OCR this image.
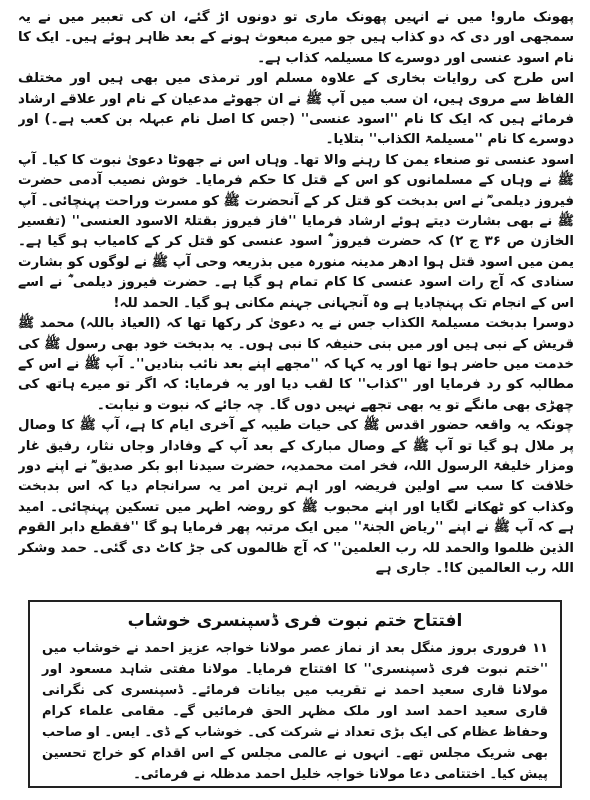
پھونک مارو! میں نے انہیں پھونک ماری تو دونوں اڑ گئے، ان کی تعبیر میں نے یہ سمجھی اور دی کہ دو کذاب ہیں جو میرے مبعوث ہونے کے بعد ظاہر ہوئے ہیں۔ ایک کا نام اسود عنسی اور دوسرے کا مسیلمہ کذاب ہے۔

اس طرح کی روایات بخاری کے علاوہ مسلم اور ترمذی میں بھی ہیں اور مختلف الفاظ سے مروی ہیں، ان سب میں آپ ﷺ نے ان جھوٹے مدعیان کے نام اور علاقے ارشاد فرمائے ہیں کہ ایک کا نام ''اسود عنسی'' (جس کا اصل نام عبہلہ بن کعب ہے۔) اور دوسرے کا نام ''مسیلمۃ الکذاب'' بتلایا۔

اسود عنسی تو صنعاء یمن کا رہنے والا تھا۔ وہاں اس نے جھوٹا دعویٰ نبوت کا کیا۔ آپ ﷺ نے وہاں کے مسلمانوں کو اس کے قتل کا حکم فرمایا۔ خوش نصیب آدمی حضرت فیروز دیلمی ؓ نے اس بدبخت کو قتل کر کے آنحضرت ﷺ کو مسرت وراحت پہنچائی۔ آپ ﷺ نے بھی بشارت دیتے ہوئے ارشاد فرمایا ''فاز فیروز بقتلۃ الاسود العنسی'' (تفسیر الخازن ص ۳۶ ج ۲) کہ حضرت فیروز ؓ اسود عنسی کو قتل کر کے کامیاب ہو گیا ہے۔ یمن میں اسود قتل ہوا ادھر مدینہ منورہ میں بذریعہ وحی آپ ﷺ نے لوگوں کو بشارت سنادی کہ آج رات اسود عنسی کا کام تمام ہو گیا ہے۔ حضرت فیروز دیلمی ؓ نے اسے اس کے انجام تک پہنچادیا ہے وہ آنجہانی جہنم مکانی ہو گیا۔ الحمد للہ!

دوسرا بدبخت مسیلمۃ الکذاب جس نے یہ دعویٰ کر رکھا تھا کہ (العیاذ باللہ) محمد ﷺ قریش کے نبی ہیں اور میں بنی حنیفہ کا نبی ہوں۔ یہ بدبخت خود بھی رسول ﷺ کی خدمت میں حاضر ہوا تھا اور یہ کہا کہ ''مجھے اپنے بعد نائب بنادیں''۔ آپ ﷺ نے اس کے مطالبہ کو رد فرمایا اور ''کذاب'' کا لقب دیا اور یہ فرمایا: کہ اگر تو میرے ہاتھ کی چھڑی بھی مانگے تو یہ بھی تجھے نہیں دوں گا۔ چہ جائے کہ نبوت و نیابت۔

چونکہ یہ واقعہ حضور اقدس ﷺ کی حیات طیبہ کے آخری ایام کا ہے، آپ ﷺ کا وصال پر ملال ہو گیا تو آپ ﷺ کے وصال مبارک کے بعد آپ کے وفادار وجاں نثار، رفیق غار ومزار خلیفۃ الرسول اللہ، فخر امت محمدیہ، حضرت سیدنا ابو بکر صدیق ؓ نے اپنے دور خلافت کا سب سے اولین فریضہ اور اہم ترین امر یہ سرانجام دیا کہ اس بدبخت وکذاب کو ٹھکانے لگایا اور اپنے محبوب ﷺ کو روضہ اطہر میں تسکین پہنچائی۔ امید ہے کہ آپ ﷺ نے اپنے ''ریاض الجنۃ'' میں ایک مرتبہ پھر فرمایا ہو گا ''فقطع دابر القوم الذین ظلموا والحمد للہ رب العلمین'' کہ آج ظالموں کی جڑ کاٹ دی گئی۔ حمد وشکر اللہ رب العالمین کا!۔ جاری ہے

افتتاح ختم نبوت فری ڈسپنسری خوشاب

۱۱ فروری بروز منگل بعد از نماز عصر مولانا خواجہ عزیز احمد نے خوشاب میں ''ختم نبوت فری ڈسپنسری'' کا افتتاح فرمایا۔ مولانا مفتی شاہد مسعود اور مولانا قاری سعید احمد نے تقریب میں بیانات فرمائے۔ ڈسپنسری کی نگرانی قاری سعید احمد اسد اور ملک مظہر الحق فرمائیں گے۔ مقامی علماء کرام وحفاظ عظام کی ایک بڑی تعداد نے شرکت کی۔ خوشاب کے ڈی۔ ایس۔ او صاحب بھی شریک مجلس تھے۔ انہوں نے عالمی مجلس کے اس اقدام کو خراج تحسین پیش کیا۔ اختتامی دعا مولانا خواجہ خلیل احمد مدظلہ نے فرمائی۔
